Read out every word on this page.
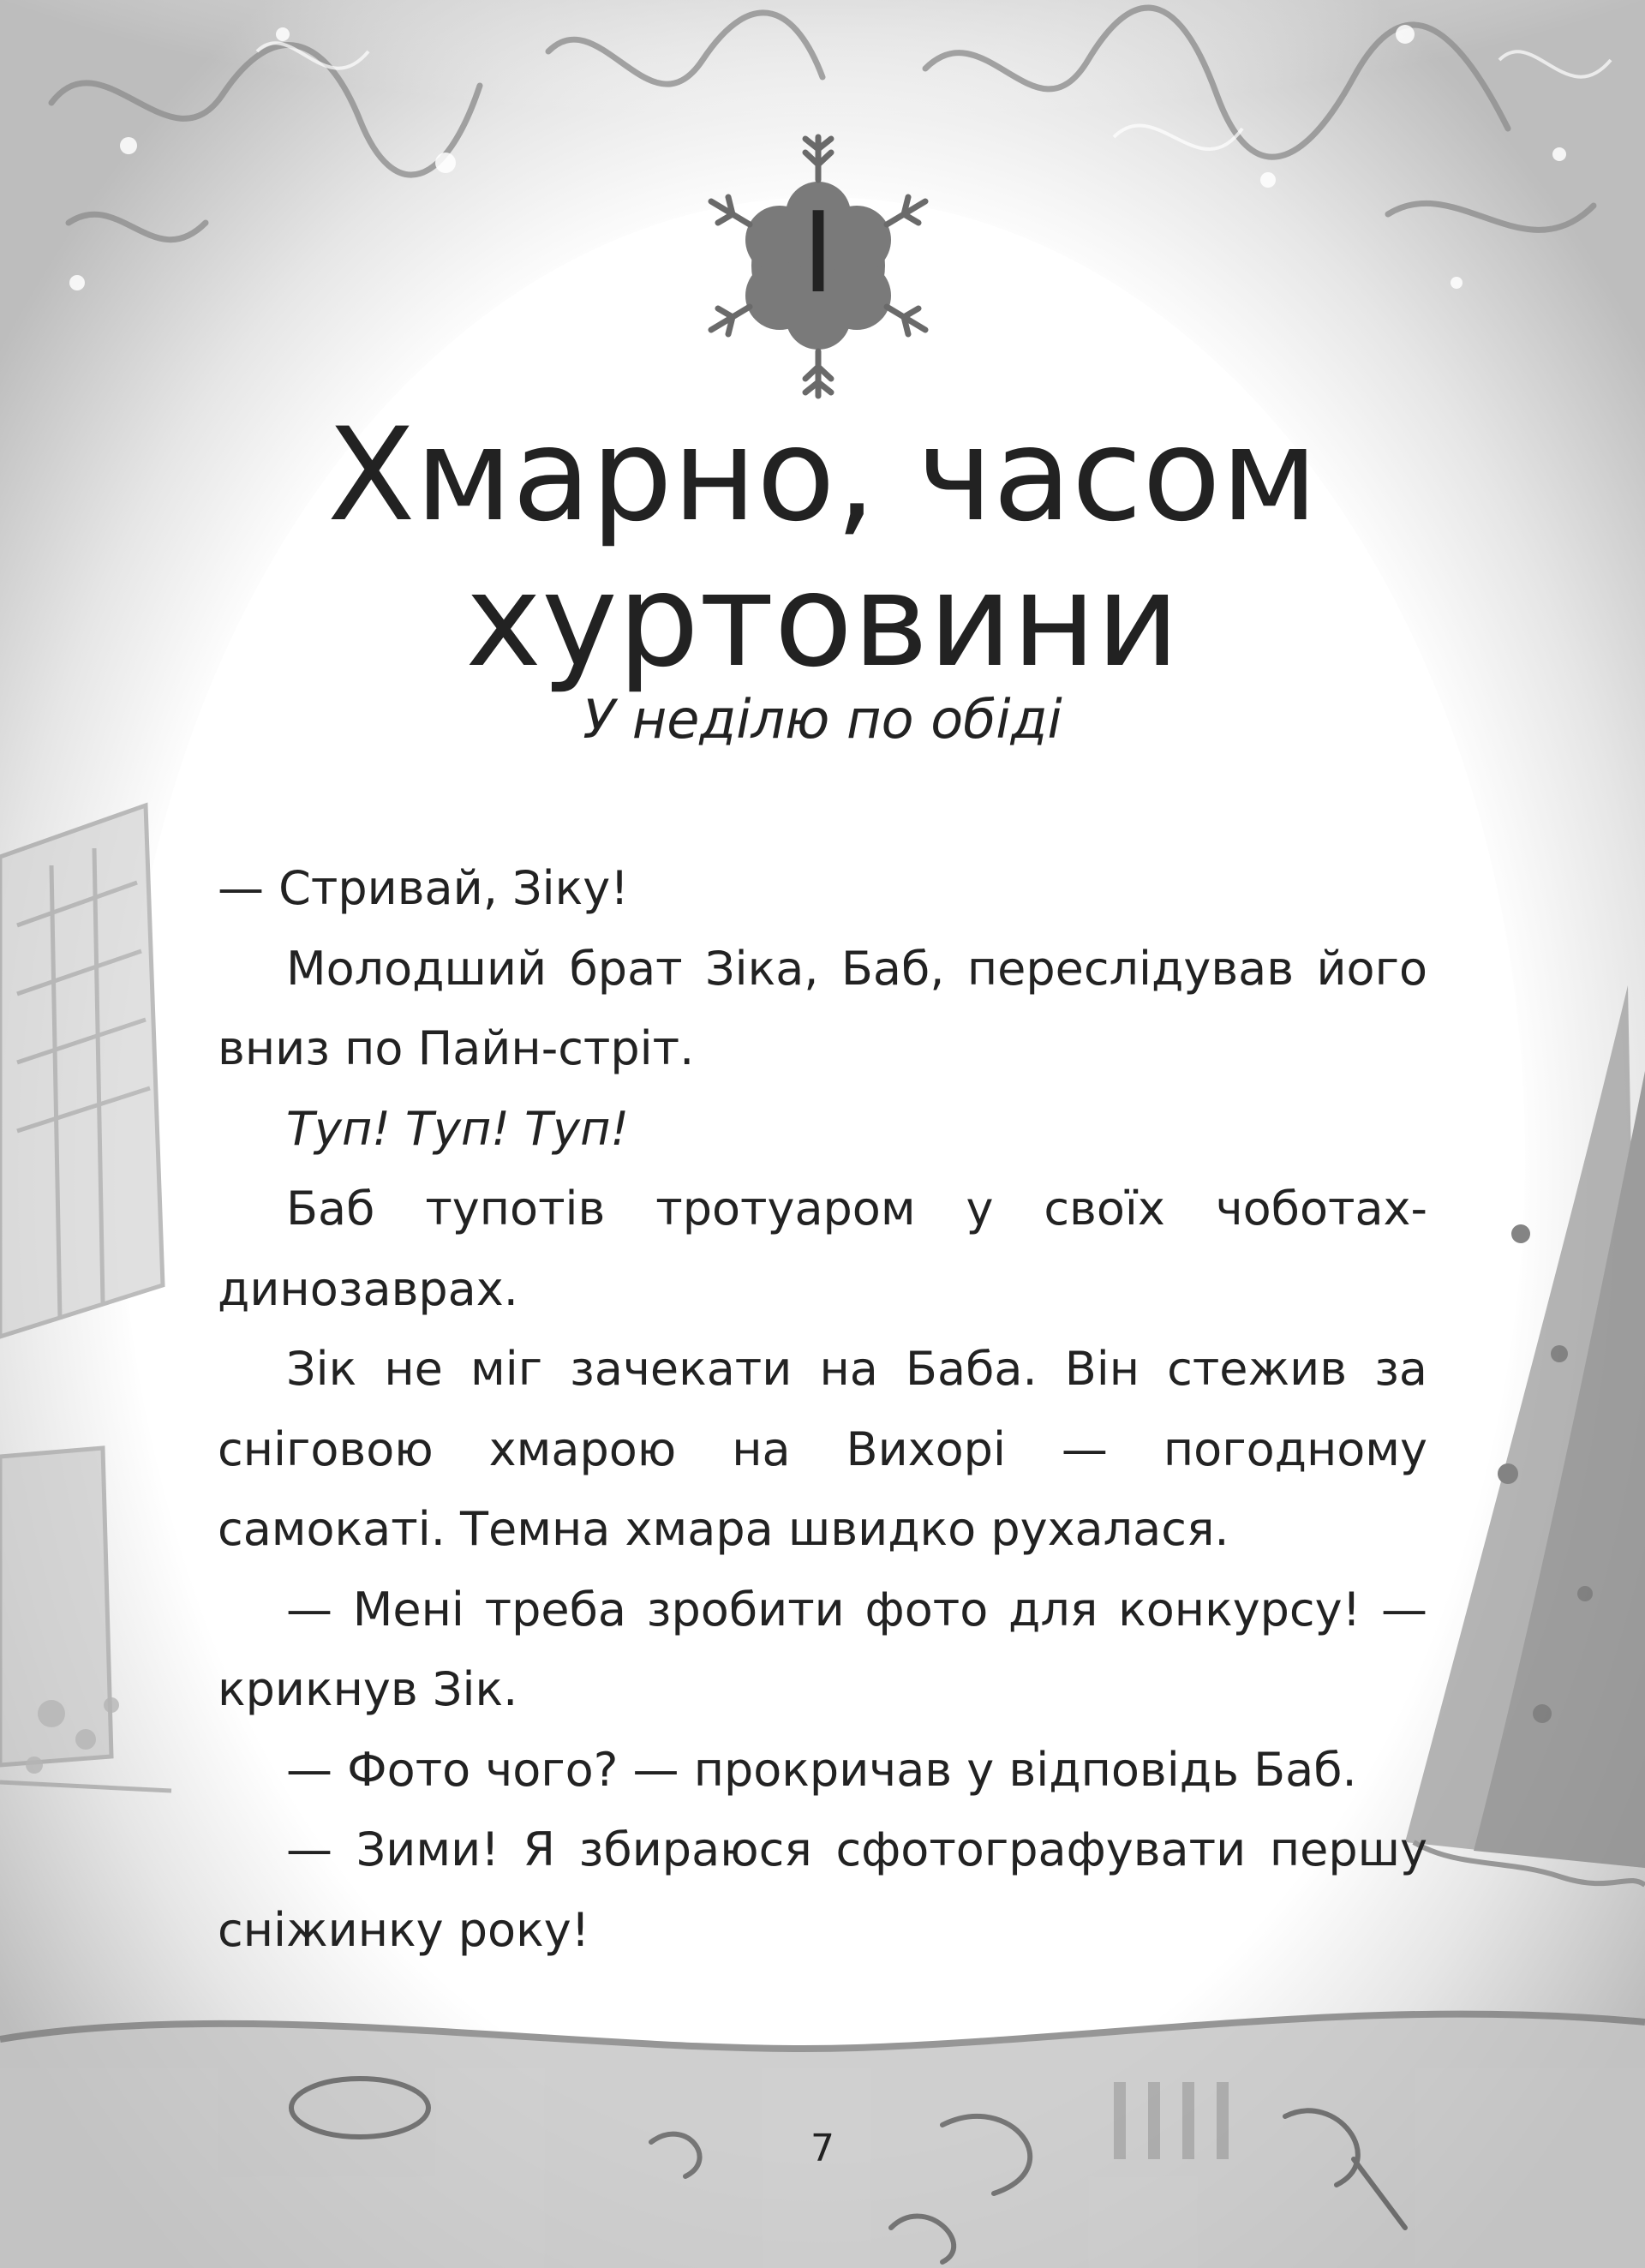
I
Хмарно, часом
хуртовини
У неділю по обіді

— Стривай, Зіку!

Молодший брат Зіка, Баб, переслідував його вниз по Пайн-стріт.

Туп! Туп! Туп!

Баб тупотів тротуаром у своїх чоботах-динозаврах.

Зік не міг зачекати на Баба. Він стежив за сніговою хмарою на Вихорі — погодному самокаті. Темна хмара швидко рухалася.

— Мені треба зробити фото для конкурсу! — крикнув Зік.

— Фото чого? — прокричав у відповідь Баб.

— Зими! Я збираюся сфотографувати першу сніжинку року!

7
